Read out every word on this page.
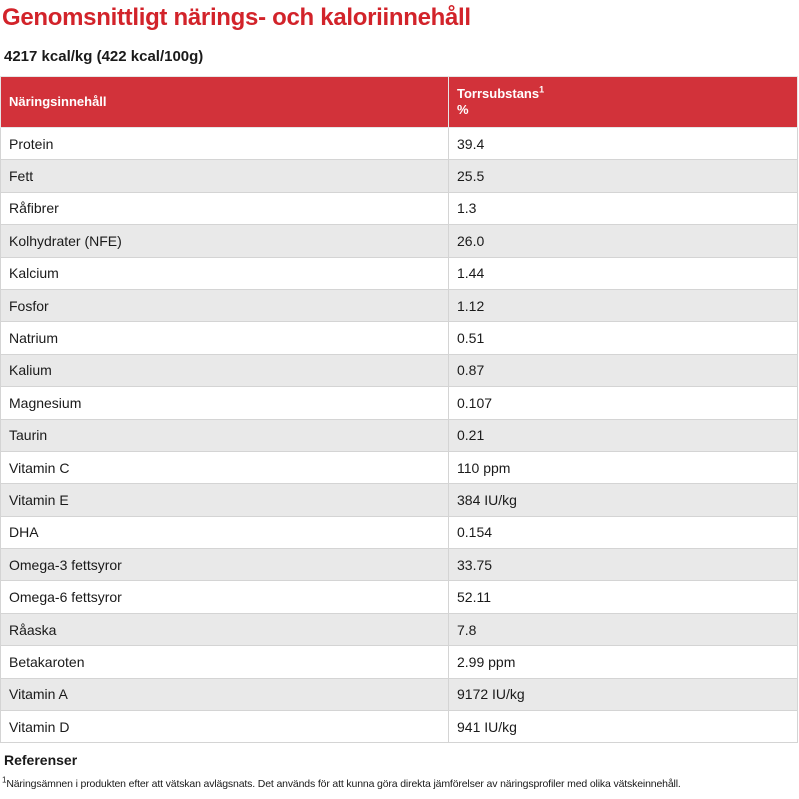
Genomsnittligt närings- och kaloriinnehåll

4217 kcal/kg (422 kcal/100g)

Näringsinnehåll	Torrsubstans$^1$
%
Protein	39.4
Fett	25.5
Råfibrer	1.3
Kolhydrater (NFE)	26.0
Kalcium	1.44
Fosfor	1.12
Natrium	0.51
Kalium	0.87
Magnesium	0.107
Taurin	0.21
Vitamin C	110 ppm
Vitamin E	384 IU/kg
DHA	0.154
Omega-3 fettsyror	33.75
Omega-6 fettsyror	52.11
Råaska	7.8
Betakaroten	2.99 ppm
Vitamin A	9172 IU/kg
Vitamin D	941 IU/kg

Referenser

$^1$Näringsämnen i produkten efter att vätskan avlägsnats. Det används för att kunna göra direkta jämförelser av näringsprofiler med olika vätskeinnehåll.
